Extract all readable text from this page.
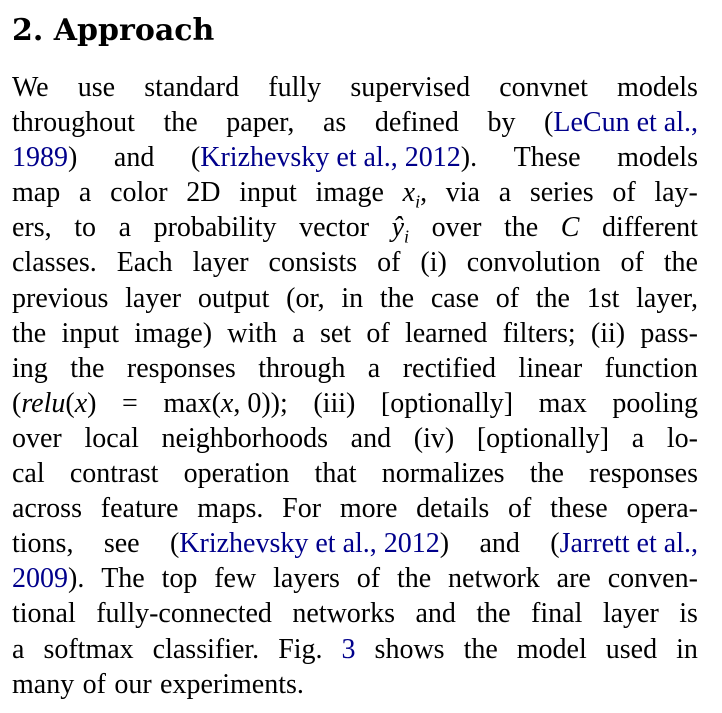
2. Approach
We use standard fully supervised convnet models
throughout the paper, as defined by (LeCun et al.,
1989) and (Krizhevsky et al., 2012). These models
map a color 2D input image $x_i$, via a series of lay-
ers, to a probability vector $ŷ_i$ over the C different
classes. Each layer consists of (i) convolution of the
previous layer output (or, in the case of the 1st layer,
the input image) with a set of learned filters; (ii) pass-
ing the responses through a rectified linear function
(relu(x) = max(x, 0)); (iii) [optionally] max pooling
over local neighborhoods and (iv) [optionally] a lo-
cal contrast operation that normalizes the responses
across feature maps. For more details of these opera-
tions, see (Krizhevsky et al., 2012) and (Jarrett et al.,
2009). The top few layers of the network are conven-
tional fully-connected networks and the final layer is
a softmax classifier. Fig. 3 shows the model used in
many of our experiments.
